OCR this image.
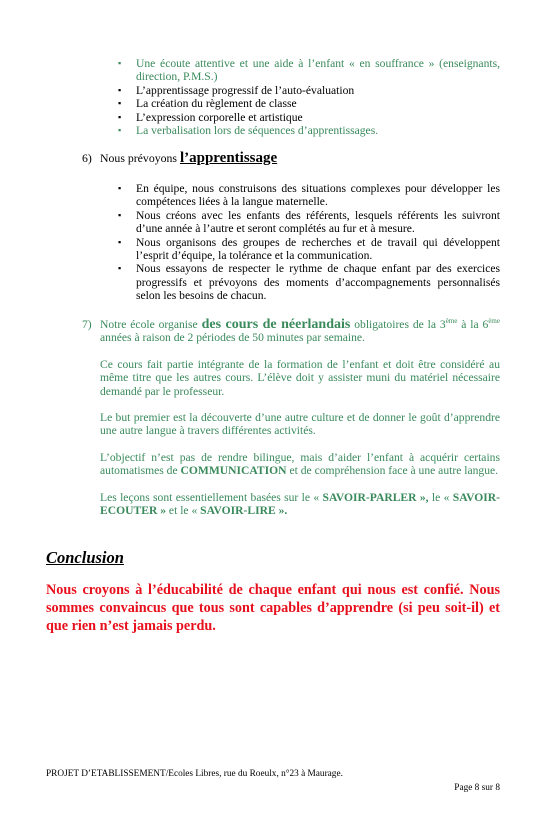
▪ Une écoute attentive et une aide à l’enfant « en souffrance » (enseignants, direction, P.M.S.)
▪ L’apprentissage progressif de l’auto-évaluation
▪ La création du règlement de classe
▪ L’expression corporelle et artistique
▪ La verbalisation lors de séquences d’apprentissages.
6) Nous prévoyons l’apprentissage
▪ En équipe, nous construisons des situations complexes pour développer les compétences liées à la langue maternelle.
▪ Nous créons avec les enfants des référents, lesquels référents les suivront d’une année à l’autre et seront complétés au fur et à mesure.
▪ Nous organisons des groupes de recherches et de travail qui développent l’esprit d’équipe, la tolérance et la communication.
▪ Nous essayons de respecter le rythme de chaque enfant par des exercices progressifs et prévoyons des moments d’accompagnements personnalisés selon les besoins de chacun.
7) Notre école organise des cours de néerlandais obligatoires de la 3ème à la 6ème années à raison de 2 périodes de 50 minutes par semaine.

Ce cours fait partie intégrante de la formation de l’enfant et doit être considéré au même titre que les autres cours. L’élève doit y assister muni du matériel nécessaire demandé par le professeur.

Le but premier est la découverte d’une autre culture et de donner le goût d’apprendre une autre langue à travers différentes activités.

L’objectif n’est pas de rendre bilingue, mais d’aider l’enfant à acquérir certains automatismes de COMMUNICATION et de compréhension face à une autre langue.

Les leçons sont essentiellement basées sur le « SAVOIR-PARLER », le « SAVOIR-ECOUTER » et le « SAVOIR-LIRE ».

Conclusion
Nous croyons à l’éducabilité de chaque enfant qui nous est confié. Nous sommes convaincus que tous sont capables d’apprendre (si peu soit-il) et que rien n’est jamais perdu.
PROJET D’ETABLISSEMENT/Ecoles Libres, rue du Roeulx, n°23 à Maurage.
Page 8 sur 8
